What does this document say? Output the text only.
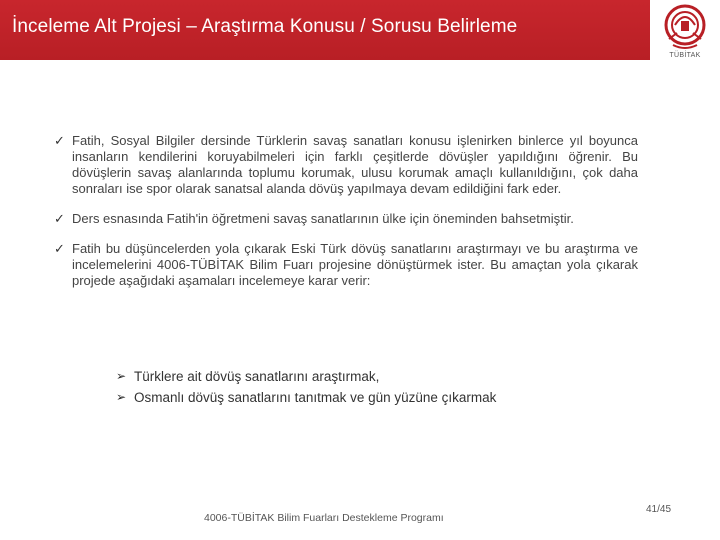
İnceleme Alt Projesi – Araştırma Konusu / Sorusu Belirleme
TÜBİTAK
✓ Fatih, Sosyal Bilgiler dersinde Türklerin savaş sanatları konusu işlenirken binlerce yıl boyunca insanların kendilerini koruyabilmeleri için farklı çeşitlerde dövüşler yapıldığını öğrenir. Bu dövüşlerin savaş alanlarında toplumu korumak, ulusu korumak amaçlı kullanıldığını, çok daha sonraları ise spor olarak sanatsal alanda dövüş yapılmaya devam edildiğini fark eder.
✓ Ders esnasında Fatih'in öğretmeni savaş sanatlarının ülke için öneminden bahsetmiştir.
✓ Fatih bu düşüncelerden yola çıkarak Eski Türk dövüş sanatlarını araştırmayı ve bu araştırma ve incelemelerini 4006-TÜBİTAK Bilim Fuarı projesine dönüştürmek ister. Bu amaçtan yola çıkarak projede aşağıdaki aşamaları incelemeye karar verir:
➢ Türklere ait dövüş sanatlarını araştırmak,
➢ Osmanlı dövüş sanatlarını tanıtmak ve gün yüzüne çıkarmak
4006-TÜBİTAK Bilim Fuarları Destekleme Programı
41/45
